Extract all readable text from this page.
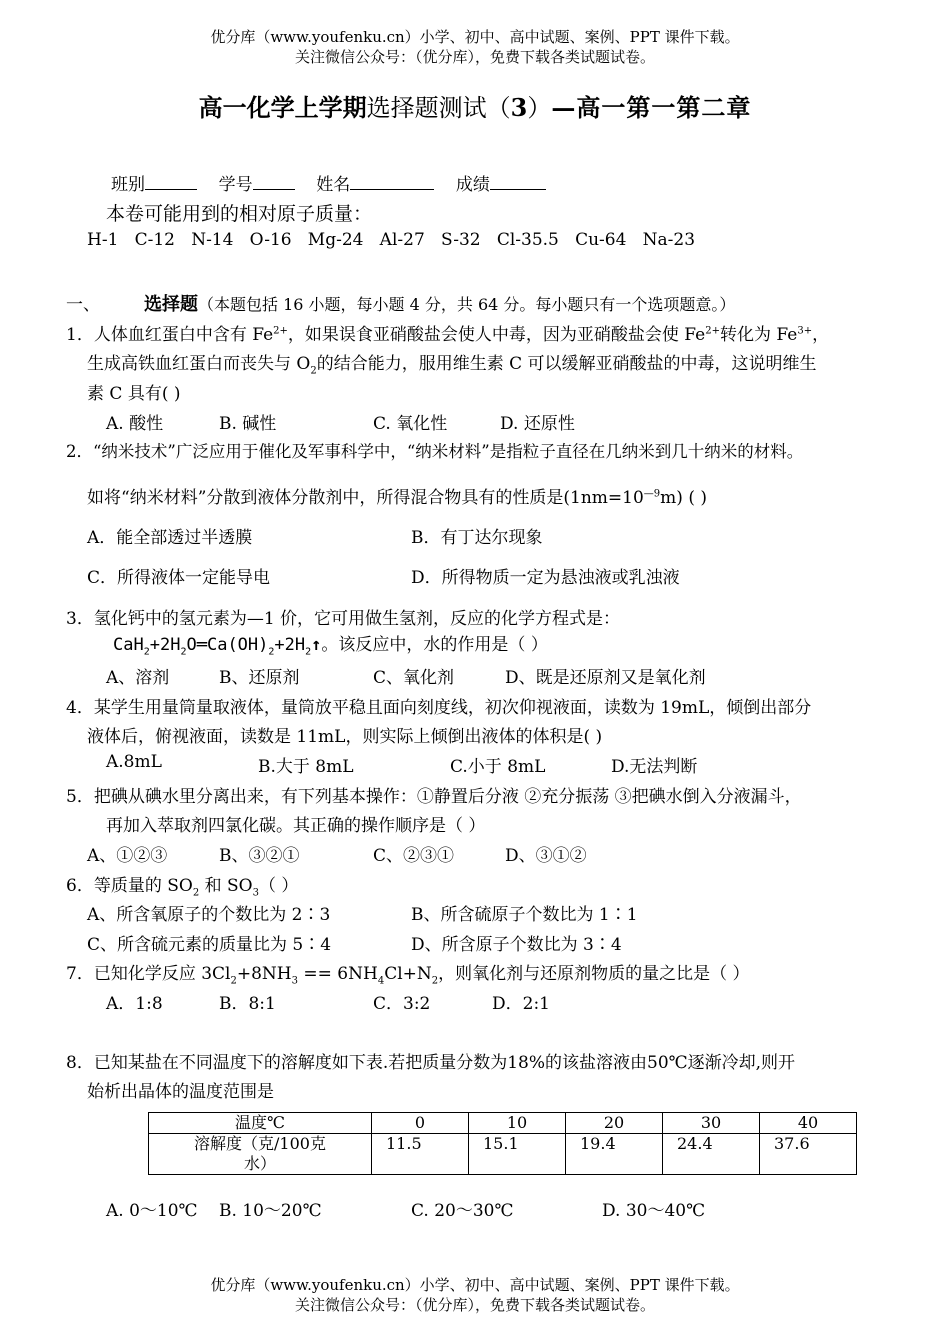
优分库（www.youfenku.cn）小学、初中、高中试题、案例、PPT 课件下载。
关注微信公众号：（优分库），免费下载各类试题试卷。
高一化学上学期选择题测试（3）—高一第一第二章
班别	学号	姓名	成绩
本卷可能用到的相对原子质量：
H-1   C-12   N-14   O-16   Mg-24   Al-27   S-32   Cl-35.5   Cu-64   Na-23
一、 选择题（本题包括 16 小题，每小题 4 分，共 64 分。每小题只有一个选项题意。）
1．人体血红蛋白中含有 $Fe^{2+}$，如果误食亚硝酸盐会使人中毒，因为亚硝酸盐会使 $Fe^{2+}$转化为 $Fe^{3+}$，
生成高铁血红蛋白而丧失与 $O_2$的结合能力，服用维生素 C 可以缓解亚硝酸盐的中毒，这说明维生
素 C 具有( )
A. 酸性	B. 碱性	C. 氧化性	D. 还原性
2．“纳米技术”广泛应用于催化及军事科学中，“纳米材料”是指粒子直径在几纳米到几十纳米的材料。
如将“纳米材料”分散到液体分散剂中，所得混合物具有的性质是$(1nm=10^{—9}m)$ ( )
A．能全部透过半透膜	B．有丁达尔现象
C．所得液体一定能导电	D．所得物质一定为悬浊液或乳浊液
3．氢化钙中的氢元素为—1 价，它可用做生氢剂，反应的化学方程式是：
$CaH_2+2H_2O═Ca(OH)_2+2H_2↑$。该反应中，水的作用是（ ）
A、溶剂	B、还原剂	C、氧化剂	D、既是还原剂又是氧化剂
4．某学生用量筒量取液体，量筒放平稳且面向刻度线，初次仰视液面，读数为 19mL，倾倒出部分
液体后，俯视液面，读数是 11mL，则实际上倾倒出液体的体积是( )
A.8mL	B.大于 8mL	C.小于 8mL	D.无法判断
5．把碘从碘水里分离出来，有下列基本操作：①静置后分液 ②充分振荡 ③把碘水倒入分液漏斗，
再加入萃取剂四氯化碳。其正确的操作顺序是（ ）
A、①②③	B、③②①	C、②③①	D、③①②
6．等质量的 $SO_2$ 和 $SO_3$（ ）
A、所含氧原子的个数比为 2∶3	B、所含硫原子个数比为 1∶1
C、所含硫元素的质量比为 5∶4	D、所含原子个数比为 3∶4
7．已知化学反应 $3Cl_2+8NH_3 == 6NH_4Cl+N_2$，则氧化剂与还原剂物质的量之比是（ ）
A．1:8	B．8:1	C．3:2	D．2:1
8．已知某盐在不同温度下的溶解度如下表.若把质量分数为18%的该盐溶液由50℃逐渐冷却,则开
始析出晶体的温度范围是
温度℃	0	10	20	30	40

溶解度（克/100克
水）	11.5	15.1	19.4	24.4	37.6
A. 0～10℃ B. 10～20℃	C. 20～30℃	D. 30～40℃
优分库（www.youfenku.cn）小学、初中、高中试题、案例、PPT 课件下载。
关注微信公众号：（优分库），免费下载各类试题试卷。
